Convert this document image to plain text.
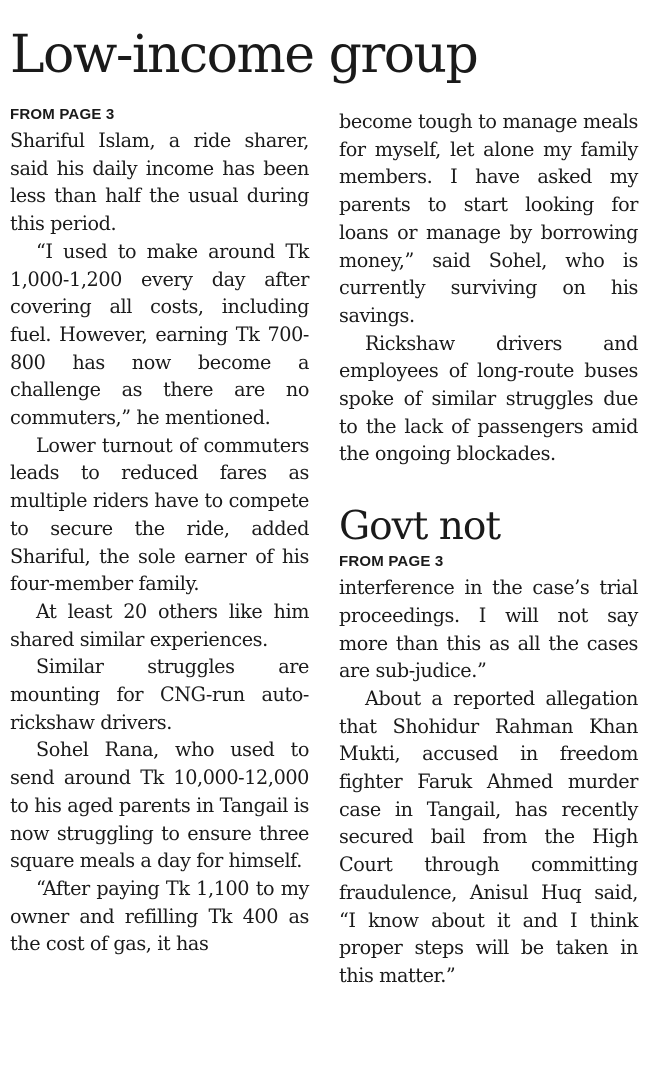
Low-income group
FROM PAGE 3

Shariful Islam, a ride sharer, said his daily income has been less than half the usual during this period.

“I used to make around Tk 1,000-1,200 every day after covering all costs, including fuel. However, earning Tk 700-800 has now become a challenge as there are no commuters,” he mentioned.

Lower turnout of commuters leads to reduced fares as multiple riders have to compete to secure the ride, added Shariful, the sole earner of his four-member family.

At least 20 others like him shared similar experiences.

Similar struggles are mounting for CNG-run auto-rickshaw drivers.

Sohel Rana, who used to send around Tk 10,000-12,000 to his aged parents in Tangail is now struggling to ensure three square meals a day for himself.

“After paying Tk 1,100 to my owner and refilling Tk 400 as the cost of gas, it has

become tough to manage meals for myself, let alone my family members. I have asked my parents to start looking for loans or manage by borrowing money,” said Sohel, who is currently surviving on his savings.

Rickshaw drivers and employees of long-route buses spoke of similar struggles due to the lack of passengers amid the ongoing blockades.

Govt not
FROM PAGE 3

interference in the case’s trial proceedings. I will not say more than this as all the cases are sub-judice.”

About a reported allegation that Shohidur Rahman Khan Mukti, accused in freedom fighter Faruk Ahmed murder case in Tangail, has recently secured bail from the High Court through committing fraudulence, Anisul Huq said, “I know about it and I think proper steps will be taken in this matter.”
